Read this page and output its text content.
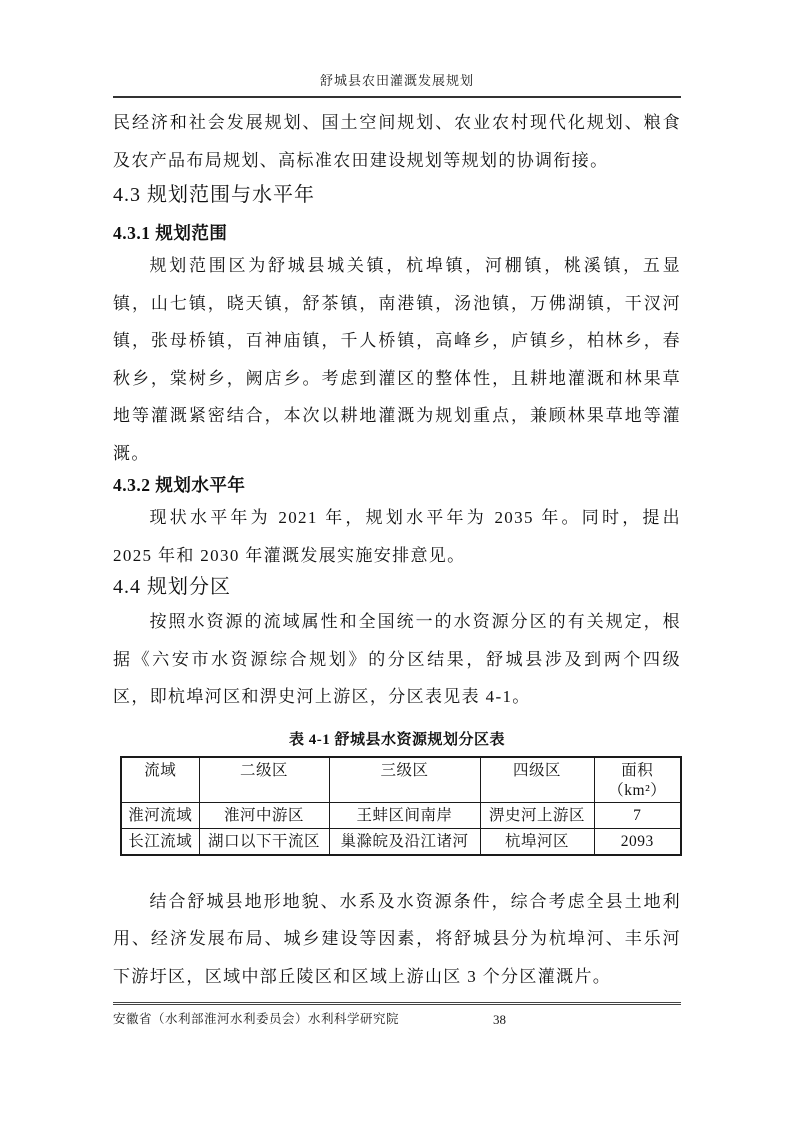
舒城县农田灌溉发展规划

民经济和社会发展规划、国土空间规划、农业农村现代化规划、粮食及农产品布局规划、高标准农田建设规划等规划的协调衔接。

4.3 规划范围与水平年
4.3.1 规划范围

规划范围区为舒城县城关镇，杭埠镇，河棚镇，桃溪镇，五显镇，山七镇，晓天镇，舒茶镇，南港镇，汤池镇，万佛湖镇，干汊河镇，张母桥镇，百神庙镇，千人桥镇，高峰乡，庐镇乡，柏林乡，春秋乡，棠树乡，阙店乡。考虑到灌区的整体性，且耕地灌溉和林果草地等灌溉紧密结合，本次以耕地灌溉为规划重点，兼顾林果草地等灌溉。

4.3.2 规划水平年

现状水平年为 2021 年，规划水平年为 2035 年。同时，提出 2025 年和 2030 年灌溉发展实施安排意见。

4.4 规划分区

按照水资源的流域属性和全国统一的水资源分区的有关规定，根据《六安市水资源综合规划》的分区结果，舒城县涉及到两个四级区，即杭埠河区和淠史河上游区，分区表见表 4-1。

表 4-1 舒城县水资源规划分区表

流域	二级区	三级区	四级区	面积
（km²）

淮河流域	淮河中游区	王蚌区间南岸	淠史河上游区	7
长江流域	湖口以下干流区	巢滁皖及沿江诸河	杭埠河区	2093

结合舒城县地形地貌、水系及水资源条件，综合考虑全县土地利用、经济发展布局、城乡建设等因素，将舒城县分为杭埠河、丰乐河下游圩区，区域中部丘陵区和区域上游山区 3 个分区灌溉片。

安徽省（水利部淮河水利委员会）水利科学研究院	38
